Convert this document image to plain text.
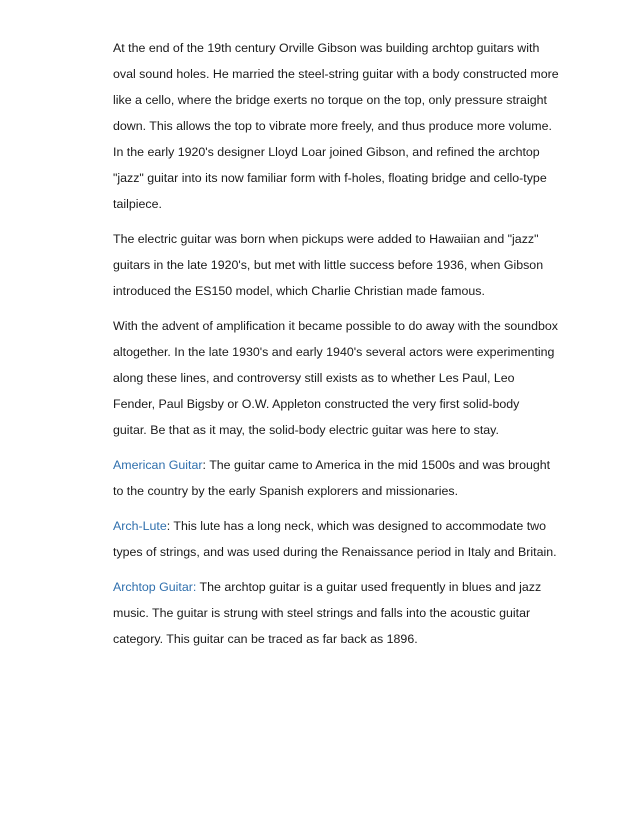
At the end of the 19th century Orville Gibson was building archtop guitars with
oval sound holes. He married the steel-string guitar with a body constructed more
like a cello, where the bridge exerts no torque on the top, only pressure straight
down. This allows the top to vibrate more freely, and thus produce more volume.
In the early 1920's designer Lloyd Loar joined Gibson, and refined the archtop
"jazz" guitar into its now familiar form with f-holes, floating bridge and cello-type
tailpiece.
The electric guitar was born when pickups were added to Hawaiian and "jazz"
guitars in the late 1920's, but met with little success before 1936, when Gibson
introduced the ES150 model, which Charlie Christian made famous.
With the advent of amplification it became possible to do away with the soundbox
altogether. In the late 1930's and early 1940's several actors were experimenting
along these lines, and controversy still exists as to whether Les Paul, Leo
Fender, Paul Bigsby or O.W. Appleton constructed the very first solid-body
guitar. Be that as it may, the solid-body electric guitar was here to stay.
American Guitar: The guitar came to America in the mid 1500s and was brought
to the country by the early Spanish explorers and missionaries.
Arch-Lute: This lute has a long neck, which was designed to accommodate two
types of strings, and was used during the Renaissance period in Italy and Britain.
Archtop Guitar: The archtop guitar is a guitar used frequently in blues and jazz
music. The guitar is strung with steel strings and falls into the acoustic guitar
category. This guitar can be traced as far back as 1896.
